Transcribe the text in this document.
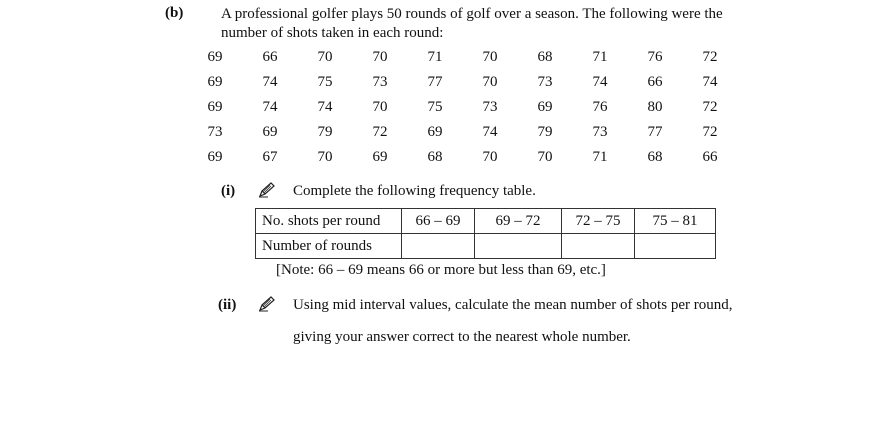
(b)	A professional golfer plays 50 rounds of golf over a season. The following were the
number of shots taken in each round:
69	66	70	70	71	70	68	71	76	72
69	74	75	73	77	70	73	74	66	74
69	74	74	70	75	73	69	76	80	72
73	69	79	72	69	74	79	73	77	72
69	67	70	69	68	70	70	71	68	66
(i)	Complete the following frequency table.
No. shots per round	66 – 69	69 – 72	72 – 75	75 – 81
Number of rounds				
[Note: 66 – 69 means 66 or more but less than 69, etc.]
(ii)	Using mid interval values, calculate the mean number of shots per round,
giving your answer correct to the nearest whole number.
